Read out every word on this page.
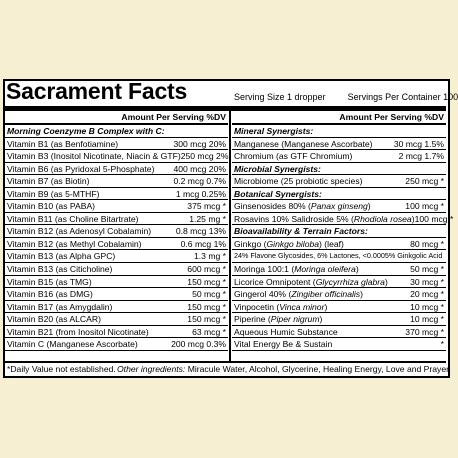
Sacrament Facts	Serving Size 1 dropper Servings Per Container 100
Amount Per Serving %DV
Morning Coenzyme B Complex with C:
Vitamin B1 (as Benfotiamine)	300 mcg 20%
Vitamin B3 (Inositol Nicotinate, Niacin & GTF) 250 mcg 2%
Vitamin B6 (as Pyridoxal 5-Phosphate)	400 mcg 20%
Vitamin B7 (as Biotin)	0.2 mcg 0.7%
Vitamin B9 (as 5-MTHF)	1 mcg 0.25%
Vitamin B10 (as PABA)	375 mcg *
Vitamin B11 (as Choline Bitartrate)	1.25 mg *
Vitamin B12 (as Adenosyl Cobalamin)	0.8 mcg 13%
Vitamin B12 (as Methyl Cobalamin)	0.6 mcg 1%
Vitamin B13 (as Alpha GPC)	1.3 mg *
Vitamin B13 (as Citicholine)	600 mcg *
Vitamin B15 (as TMG)	150 mcg *
Vitamin B16 (as DMG)	50 mcg *
Vitamin B17 (as Amygdalin)	150 mcg *
Vitamin B20 (as ALCAR)	150 mcg *
Vitamin B21 (from Inositol Nicotinate)	63 mcg *
Vitamin C (Manganese Ascorbate)	200 mcg 0.3%
Amount Per Serving %DV
Mineral Synergists:
Manganese (Manganese Ascorbate)	30 mcg 1.5%
Chromium (as GTF Chromium)	2 mcg 1.7%
Microbial Synergists:
Microbiome (25 probiotic species)	250 mcg *
Botanical Synergists:
Ginsenosides 80% (Panax ginseng)	100 mcg *
Rosavins 10% Salidroside 5% (Rhodiola rosea) 100 mcg *
Bioavailability & Terrain Factors:
Ginkgo (Ginkgo biloba) (leaf)	80 mcg *
24% Flavone Glycosides, 6% Lactones, <0.0005% Ginkgolic Acid
Moringa 100:1 (Moringa oleifera)	50 mcg *
Licorice Omnipotent (Glycyrrhiza glabra)	30 mcg *
Gingerol 40% (Zingiber officinalis)	20 mcg *
Vinpocetin (Vinca minor)	10 mcg *
Piperine (Piper nigrum)	10 mcg *
Aqueous Humic Substance	370 mcg *
Vital Energy Be & Sustain	*
*Daily Value not established. Other ingredients: Miracule Water, Alcohol, Glycerine, Healing Energy, Love and Prayer.
